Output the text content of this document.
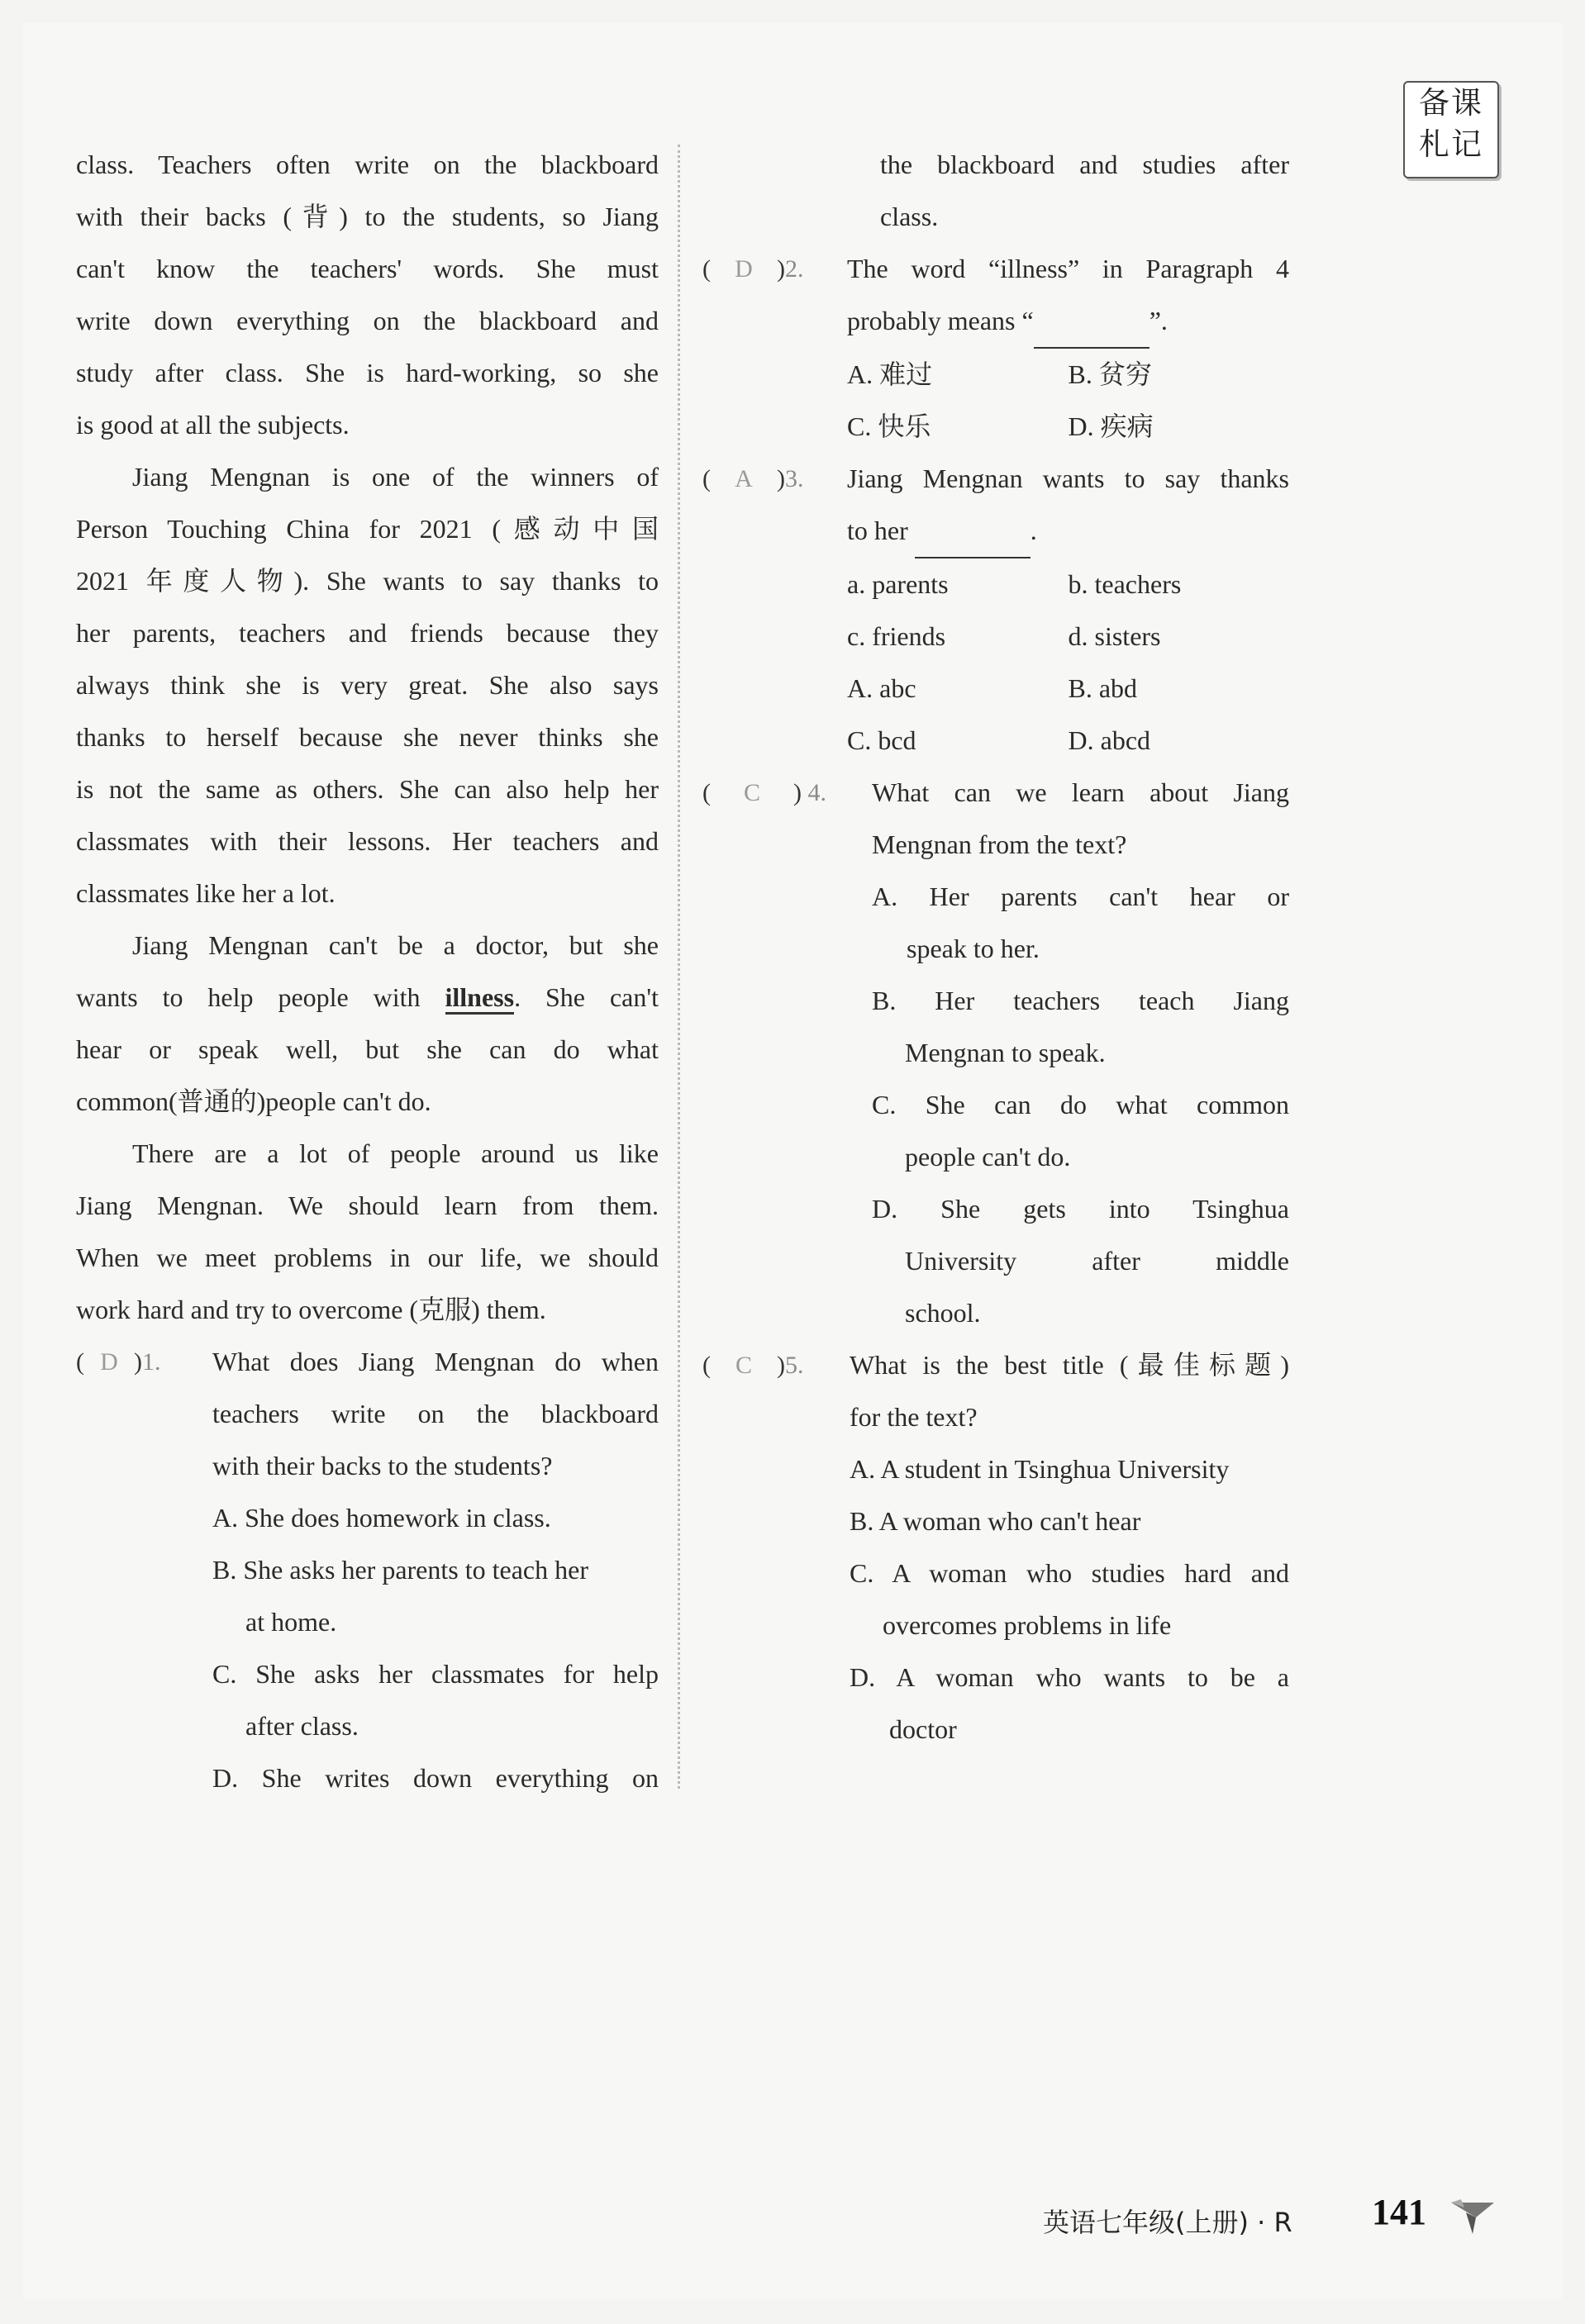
备课
札记

class. Teachers often write on the blackboard

with their backs (背) to the students, so Jiang

can't know the teachers' words. She must

write down everything on the blackboard and

study after class. She is hard-working, so she

is good at all the subjects.

Jiang Mengnan is one of the winners of

Person Touching China for 2021 (感动中国

2021 年度人物). She wants to say thanks to

her parents, teachers and friends because they

always think she is very great. She also says

thanks to herself because she never thinks she

is not the same as others. She can also help her

classmates with their lessons. Her teachers and

classmates like her a lot.

Jiang Mengnan can't be a doctor, but she

wants to help people with illness. She can't

hear or speak well, but she can do what

common(普通的)people can't do.

There are a lot of people around us like

Jiang Mengnan. We should learn from them.

When we meet problems in our life, we should

work hard and try to overcome (克服) them.

( D )1.	What does Jiang Mengnan do when

teachers write on the blackboard

with their backs to the students?

A. She does homework in class.

B. She asks her parents to teach her

at home.

C. She asks her classmates for help

after class.

D. She writes down everything on

the blackboard and studies after

class.

( D )2.	The word “illness” in Paragraph 4

probably means “	”.

A. 难过	B. 贫穷

C. 快乐	D. 疾病

( A )3.	Jiang Mengnan wants to say thanks

to her	.

a. parents	b. teachers

c. friends	d. sisters

A. abc	B. abd

C. bcd	D. abcd

( C ) 4.	What can we learn about Jiang

Mengnan from the text?

A. Her parents can't hear or

speak to her.

B. Her teachers teach Jiang

Mengnan to speak.

C. She can do what common

people can't do.

D. She gets into Tsinghua

University after middle

school.

( C )5.	What is the best title (最佳标题)

for the text?

A. A student in Tsinghua University

B. A woman who can't hear

C. A woman who studies hard and

overcomes problems in life

D. A woman who wants to be a

doctor

英语七年级(上册) · R 141
